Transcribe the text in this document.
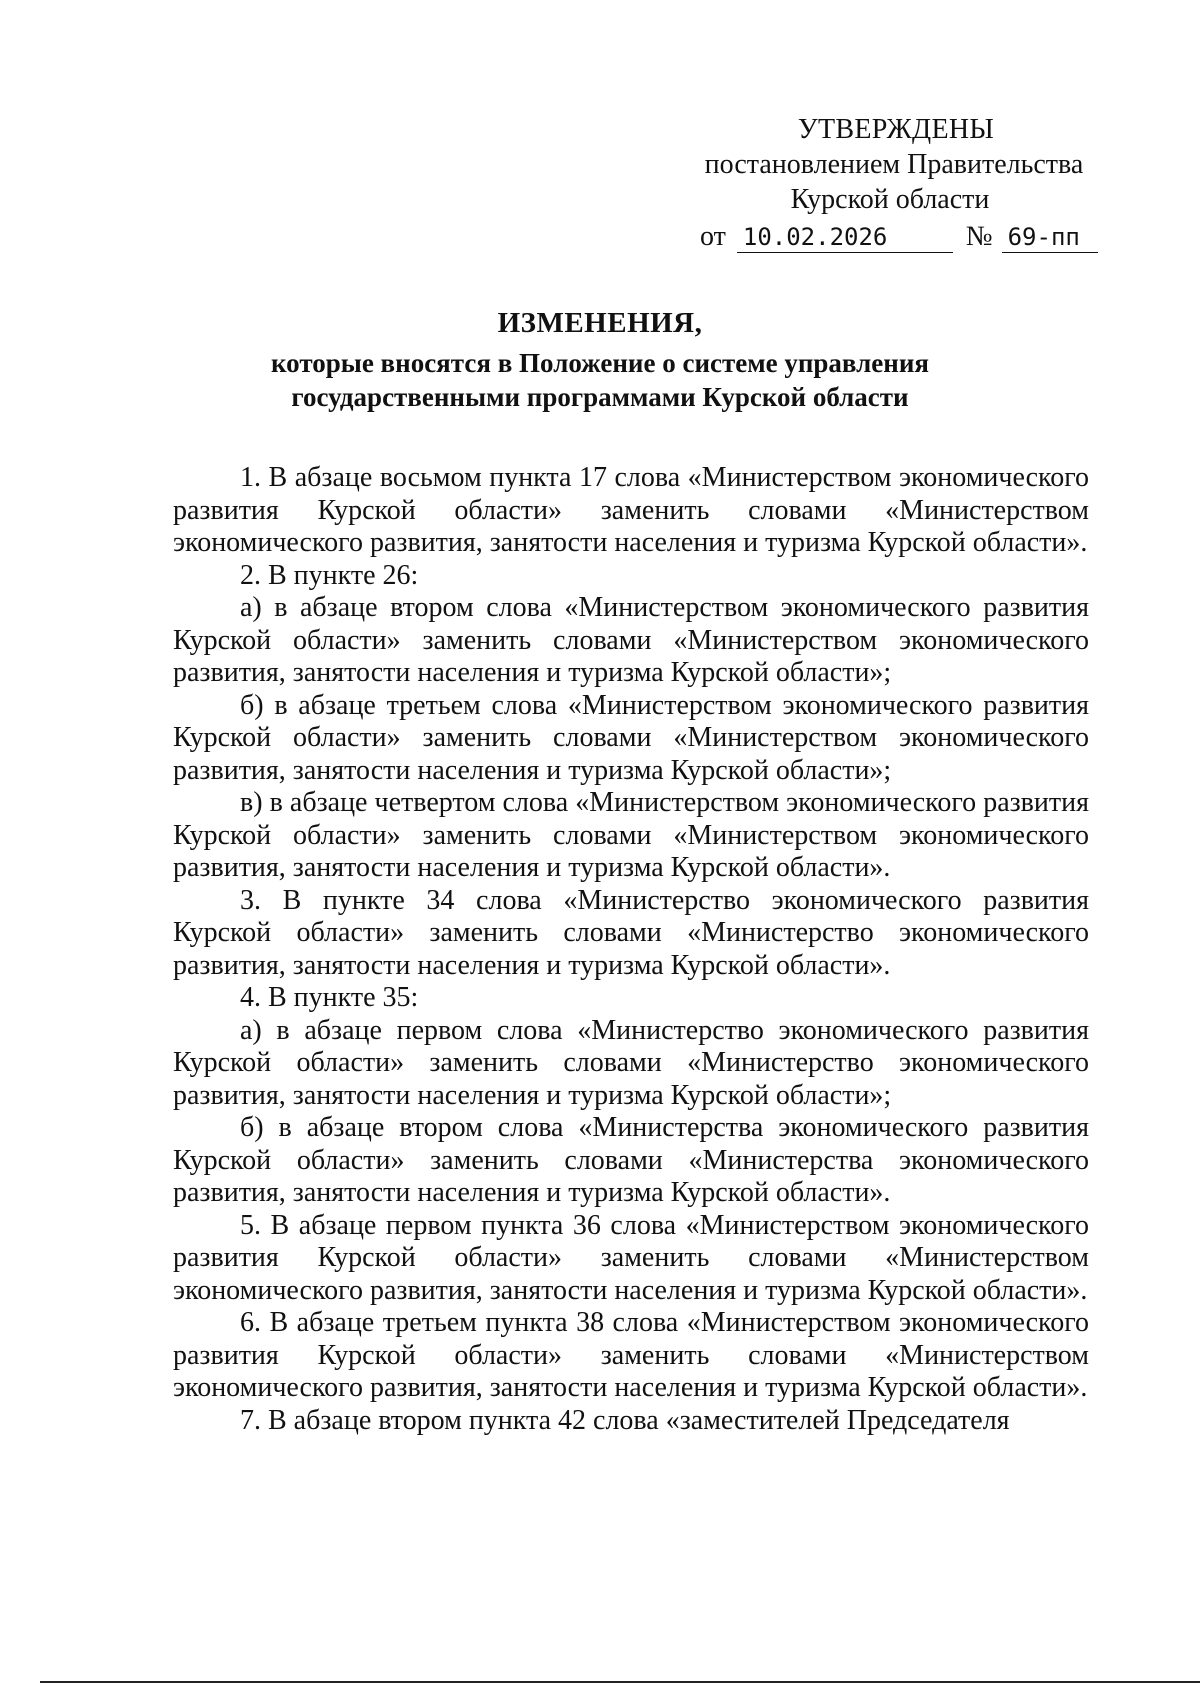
УТВЕРЖДЕНЫ
постановлением Правительства
Курской области
от 10.02.2026	№ 69-пп
ИЗМЕНЕНИЯ,
которые вносятся в Положение о системе управления
государственными программами Курской области

1. В абзаце восьмом пункта 17 слова «Министерством экономического развития Курской области» заменить словами «Министерством экономического развития, занятости населения и туризма Курской области».

2. В пункте 26:

а) в абзаце втором слова «Министерством экономического развития Курской области» заменить словами «Министерством экономического развития, занятости населения и туризма Курской области»;

б) в абзаце третьем слова «Министерством экономического развития Курской области» заменить словами «Министерством экономического развития, занятости населения и туризма Курской области»;

в) в абзаце четвертом слова «Министерством экономического развития Курской области» заменить словами «Министерством экономического развития, занятости населения и туризма Курской области».

3. В пункте 34 слова «Министерство экономического развития Курской области» заменить словами «Министерство экономического развития, занятости населения и туризма Курской области».

4. В пункте 35:

а) в абзаце первом слова «Министерство экономического развития Курской области» заменить словами «Министерство экономического развития, занятости населения и туризма Курской области»;

б) в абзаце втором слова «Министерства экономического развития Курской области» заменить словами «Министерства экономического развития, занятости населения и туризма Курской области».

5. В абзаце первом пункта 36 слова «Министерством экономического развития Курской области» заменить словами «Министерством экономического развития, занятости населения и туризма Курской области».

6. В абзаце третьем пункта 38 слова «Министерством экономического развития Курской области» заменить словами «Министерством экономического развития, занятости населения и туризма Курской области».

7. В абзаце втором пункта 42 слова «заместителей Председателя
